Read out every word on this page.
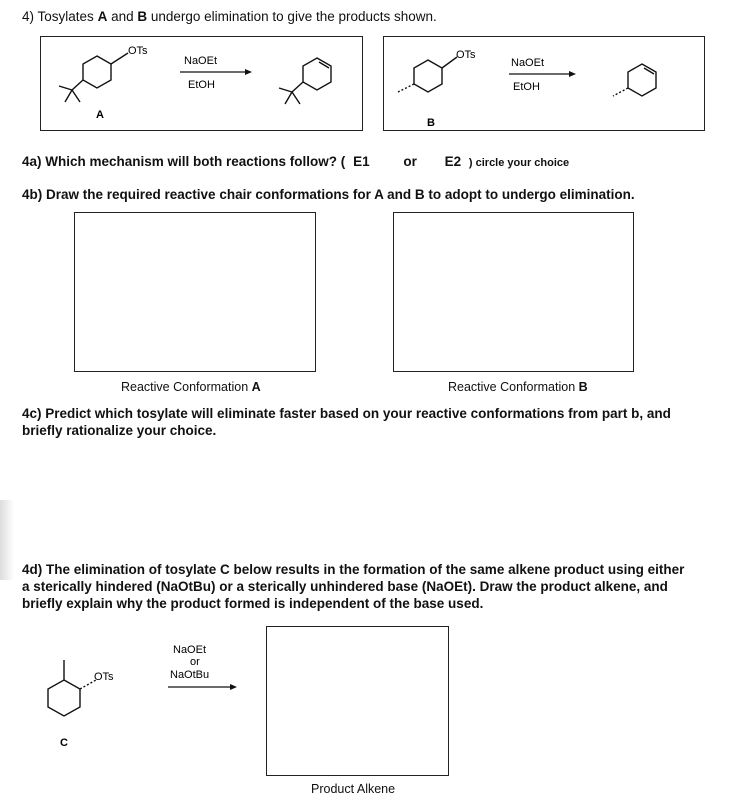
4) Tosylates A and B undergo elimination to give the products shown.
OTs
NaOEt
EtOH
A
OTs
NaOEt
EtOH
B
4a) Which mechanism will both reactions follow? ( E1	or E2 ) circle your choice
4b) Draw the required reactive chair conformations for A and B to adopt to undergo elimination.
Reactive Conformation A	Reactive Conformation B
4c) Predict which tosylate will eliminate faster based on your reactive conformations from part b, and
briefly rationalize your choice.
4d) The elimination of tosylate C below results in the formation of the same alkene product using either
a sterically hindered (NaOtBu) or a sterically unhindered base (NaOEt). Draw the product alkene, and
briefly explain why the product formed is independent of the base used.
OTs
NaOEt
or
NaOtBu
C
Product Alkene
